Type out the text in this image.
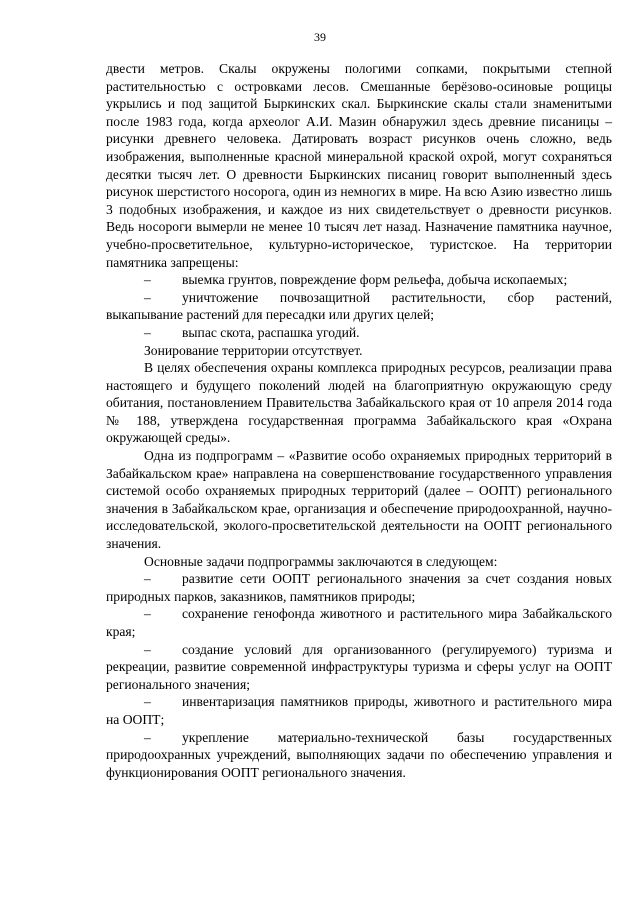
39

двести метров. Скалы окружены пологими сопками, покрытыми степной растительностью с островками лесов. Смешанные берёзово-осиновые рощицы укрылись и под защитой Быркинских скал. Быркинские скалы стали знаменитыми после 1983 года, когда археолог А.И. Мазин обнаружил здесь древние писаницы – рисунки древнего человека. Датировать возраст рисунков очень сложно, ведь изображения, выполненные красной минеральной краской охрой, могут сохраняться десятки тысяч лет. О древности Быркинских писаниц говорит выполненный здесь рисунок шерстистого носорога, один из немногих в мире. На всю Азию известно лишь 3 подобных изображения, и каждое из них свидетельствует о древности рисунков. Ведь носороги вымерли не менее 10 тысяч лет назад. Назначение памятника научное, учебно-просветительное, культурно-историческое, туристское. На территории памятника запрещены:

– выемка грунтов, повреждение форм рельефа, добыча ископаемых;

– уничтожение почвозащитной растительности, сбор растений, выкапывание растений для пересадки или других целей;

– выпас скота, распашка угодий.

Зонирование территории отсутствует.

В целях обеспечения охраны комплекса природных ресурсов, реализации права настоящего и будущего поколений людей на благоприятную окружающую среду обитания, постановлением Правительства Забайкальского края от 10 апреля 2014 года № 188, утверждена государственная программа Забайкальского края «Охрана окружающей среды».

Одна из подпрограмм – «Развитие особо охраняемых природных территорий в Забайкальском крае» направлена на совершенствование государственного управления системой особо охраняемых природных территорий (далее – ООПТ) регионального значения в Забайкальском крае, организация и обеспечение природоохранной, научно-исследовательской, эколого-просветительской деятельности на ООПТ регионального значения.

Основные задачи подпрограммы заключаются в следующем:

– развитие сети ООПТ регионального значения за счет создания новых природных парков, заказников, памятников природы;

– сохранение генофонда животного и растительного мира Забайкальского края;

– создание условий для организованного (регулируемого) туризма и рекреации, развитие современной инфраструктуры туризма и сферы услуг на ООПТ регионального значения;

– инвентаризация памятников природы, животного и растительного мира на ООПТ;

– укрепление материально-технической базы государственных природоохранных учреждений, выполняющих задачи по обеспечению управления и функционирования ООПТ регионального значения.
